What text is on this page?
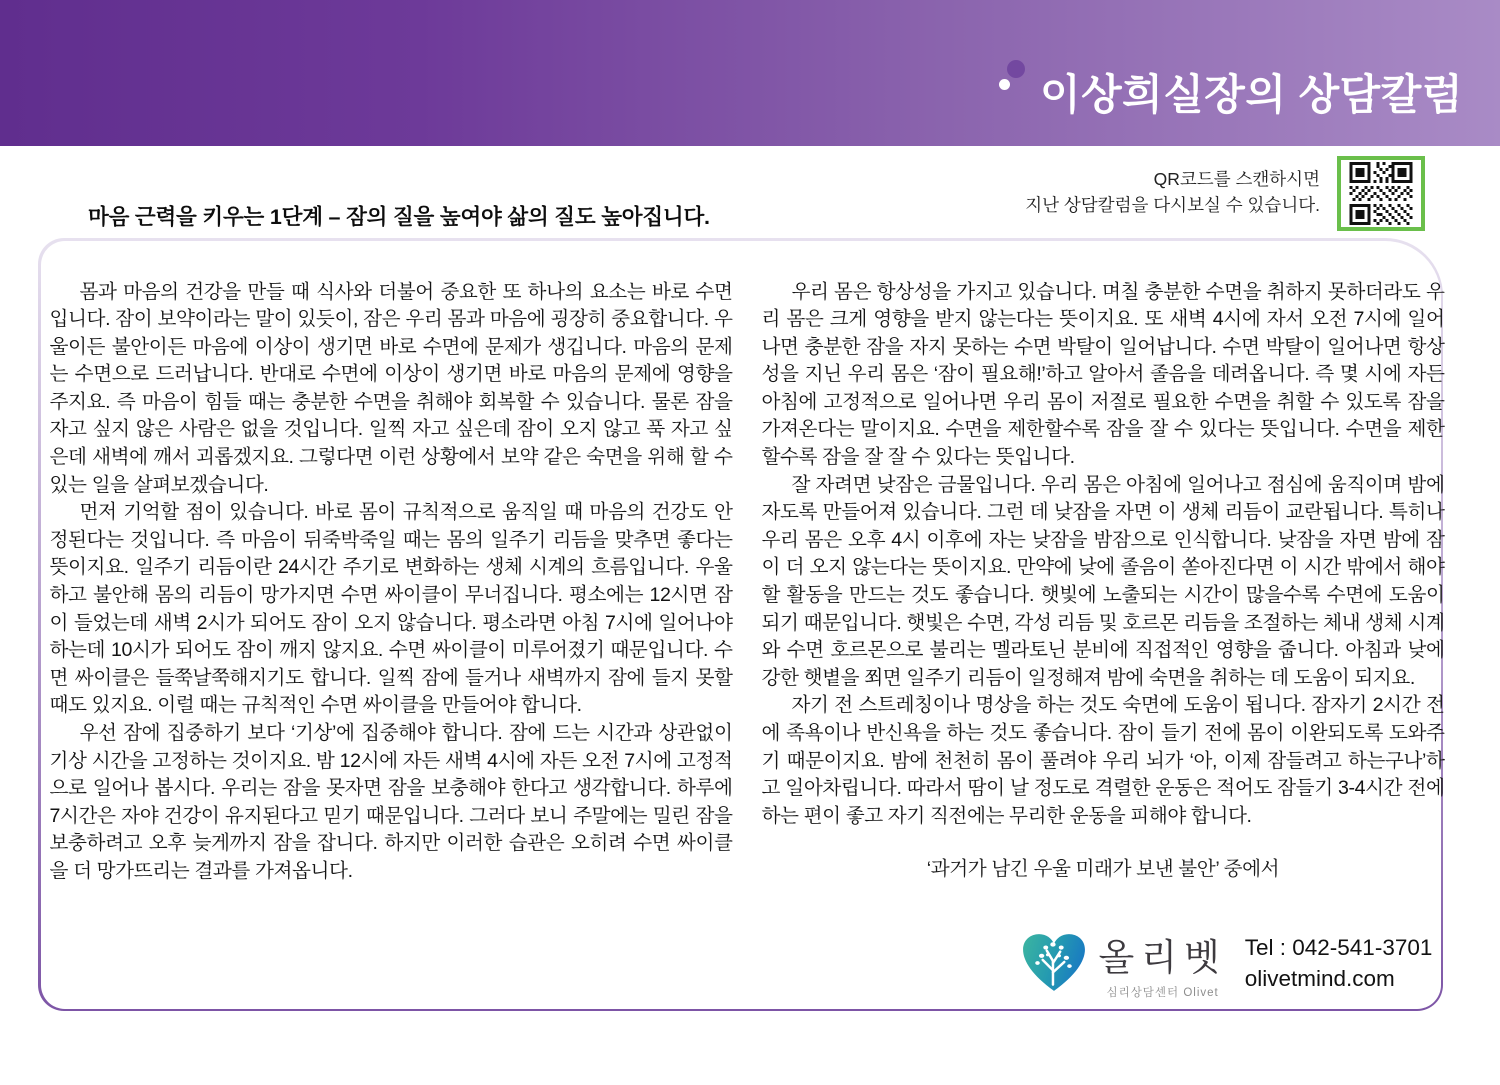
이상희실장의 상담칼럼
QR코드를 스캔하시면
지난 상담칼럼을 다시보실 수 있습니다.
마음 근력을 키우는 1단계 – 잠의 질을 높여야 삶의 질도 높아집니다.

몸과 마음의 건강을 만들 때 식사와 더불어 중요한 또 하나의 요소는 바로 수면입니다. 잠이 보약이라는 말이 있듯이, 잠은 우리 몸과 마음에 굉장히 중요합니다. 우울이든 불안이든 마음에 이상이 생기면 바로 수면에 문제가 생깁니다. 마음의 문제는 수면으로 드러납니다. 반대로 수면에 이상이 생기면 바로 마음의 문제에 영향을 주지요. 즉 마음이 힘들 때는 충분한 수면을 취해야 회복할 수 있습니다. 물론 잠을 자고 싶지 않은 사람은 없을 것입니다. 일찍 자고 싶은데 잠이 오지 않고 푹 자고 싶은데 새벽에 깨서 괴롭겠지요. 그렇다면 이런 상황에서 보약 같은 숙면을 위해 할 수 있는 일을 살펴보겠습니다.

먼저 기억할 점이 있습니다. 바로 몸이 규칙적으로 움직일 때 마음의 건강도 안정된다는 것입니다. 즉 마음이 뒤죽박죽일 때는 몸의 일주기 리듬을 맞추면 좋다는 뜻이지요. 일주기 리듬이란 24시간 주기로 변화하는 생체 시계의 흐름입니다. 우울하고 불안해 몸의 리듬이 망가지면 수면 싸이클이 무너집니다. 평소에는 12시면 잠이 들었는데 새벽 2시가 되어도 잠이 오지 않습니다. 평소라면 아침 7시에 일어나야 하는데 10시가 되어도 잠이 깨지 않지요. 수면 싸이클이 미루어졌기 때문입니다. 수면 싸이클은 들쭉날쭉해지기도 합니다. 일찍 잠에 들거나 새벽까지 잠에 들지 못할 때도 있지요. 이럴 때는 규칙적인 수면 싸이클을 만들어야 합니다.

우선 잠에 집중하기 보다 ‘기상’에 집중해야 합니다. 잠에 드는 시간과 상관없이 기상 시간을 고정하는 것이지요. 밤 12시에 자든 새벽 4시에 자든 오전 7시에 고정적으로 일어나 봅시다. 우리는 잠을 못자면 잠을 보충해야 한다고 생각합니다. 하루에 7시간은 자야 건강이 유지된다고 믿기 때문입니다. 그러다 보니 주말에는 밀린 잠을 보충하려고 오후 늦게까지 잠을 잡니다. 하지만 이러한 습관은 오히려 수면 싸이클을 더 망가뜨리는 결과를 가져옵니다.

우리 몸은 항상성을 가지고 있습니다. 며칠 충분한 수면을 취하지 못하더라도 우리 몸은 크게 영향을 받지 않는다는 뜻이지요. 또 새벽 4시에 자서 오전 7시에 일어나면 충분한 잠을 자지 못하는 수면 박탈이 일어납니다. 수면 박탈이 일어나면 항상성을 지닌 우리 몸은 ‘잠이 필요해!’하고 알아서 졸음을 데려옵니다. 즉 몇 시에 자든 아침에 고정적으로 일어나면 우리 몸이 저절로 필요한 수면을 취할 수 있도록 잠을 가져온다는 말이지요. 수면을 제한할수록 잠을 잘 수 있다는 뜻입니다. 수면을 제한할수록 잠을 잘 잘 수 있다는 뜻입니다.

잘 자려면 낮잠은 금물입니다. 우리 몸은 아침에 일어나고 점심에 움직이며 밤에 자도록 만들어져 있습니다. 그런 데 낮잠을 자면 이 생체 리듬이 교란됩니다. 특히나 우리 몸은 오후 4시 이후에 자는 낮잠을 밤잠으로 인식합니다. 낮잠을 자면 밤에 잠이 더 오지 않는다는 뜻이지요. 만약에 낮에 졸음이 쏟아진다면 이 시간 밖에서 해야 할 활동을 만드는 것도 좋습니다. 햇빛에 노출되는 시간이 많을수록 수면에 도움이 되기 때문입니다. 햇빛은 수면, 각성 리듬 및 호르몬 리듬을 조절하는 체내 생체 시계와 수면 호르몬으로 불리는 멜라토닌 분비에 직접적인 영향을 줍니다. 아침과 낮에 강한 햇볕을 쬐면 일주기 리듬이 일정해져 밤에 숙면을 취하는 데 도움이 되지요.

자기 전 스트레칭이나 명상을 하는 것도 숙면에 도움이 됩니다. 잠자기 2시간 전에 족욕이나 반신욕을 하는 것도 좋습니다. 잠이 들기 전에 몸이 이완되도록 도와주기 때문이지요. 밤에 천천히 몸이 풀려야 우리 뇌가 ‘아, 이제 잠들려고 하는구나’하고 일아차립니다. 따라서 땀이 날 정도로 격렬한 운동은 적어도 잠들기 3-4시간 전에 하는 편이 좋고 자기 직전에는 무리한 운동을 피해야 합니다.

‘과거가 남긴 우울 미래가 보낸 불안’ 중에서

올리벳
심리상담센터 Olivet
Tel : 042-541-3701
olivetmind.com
